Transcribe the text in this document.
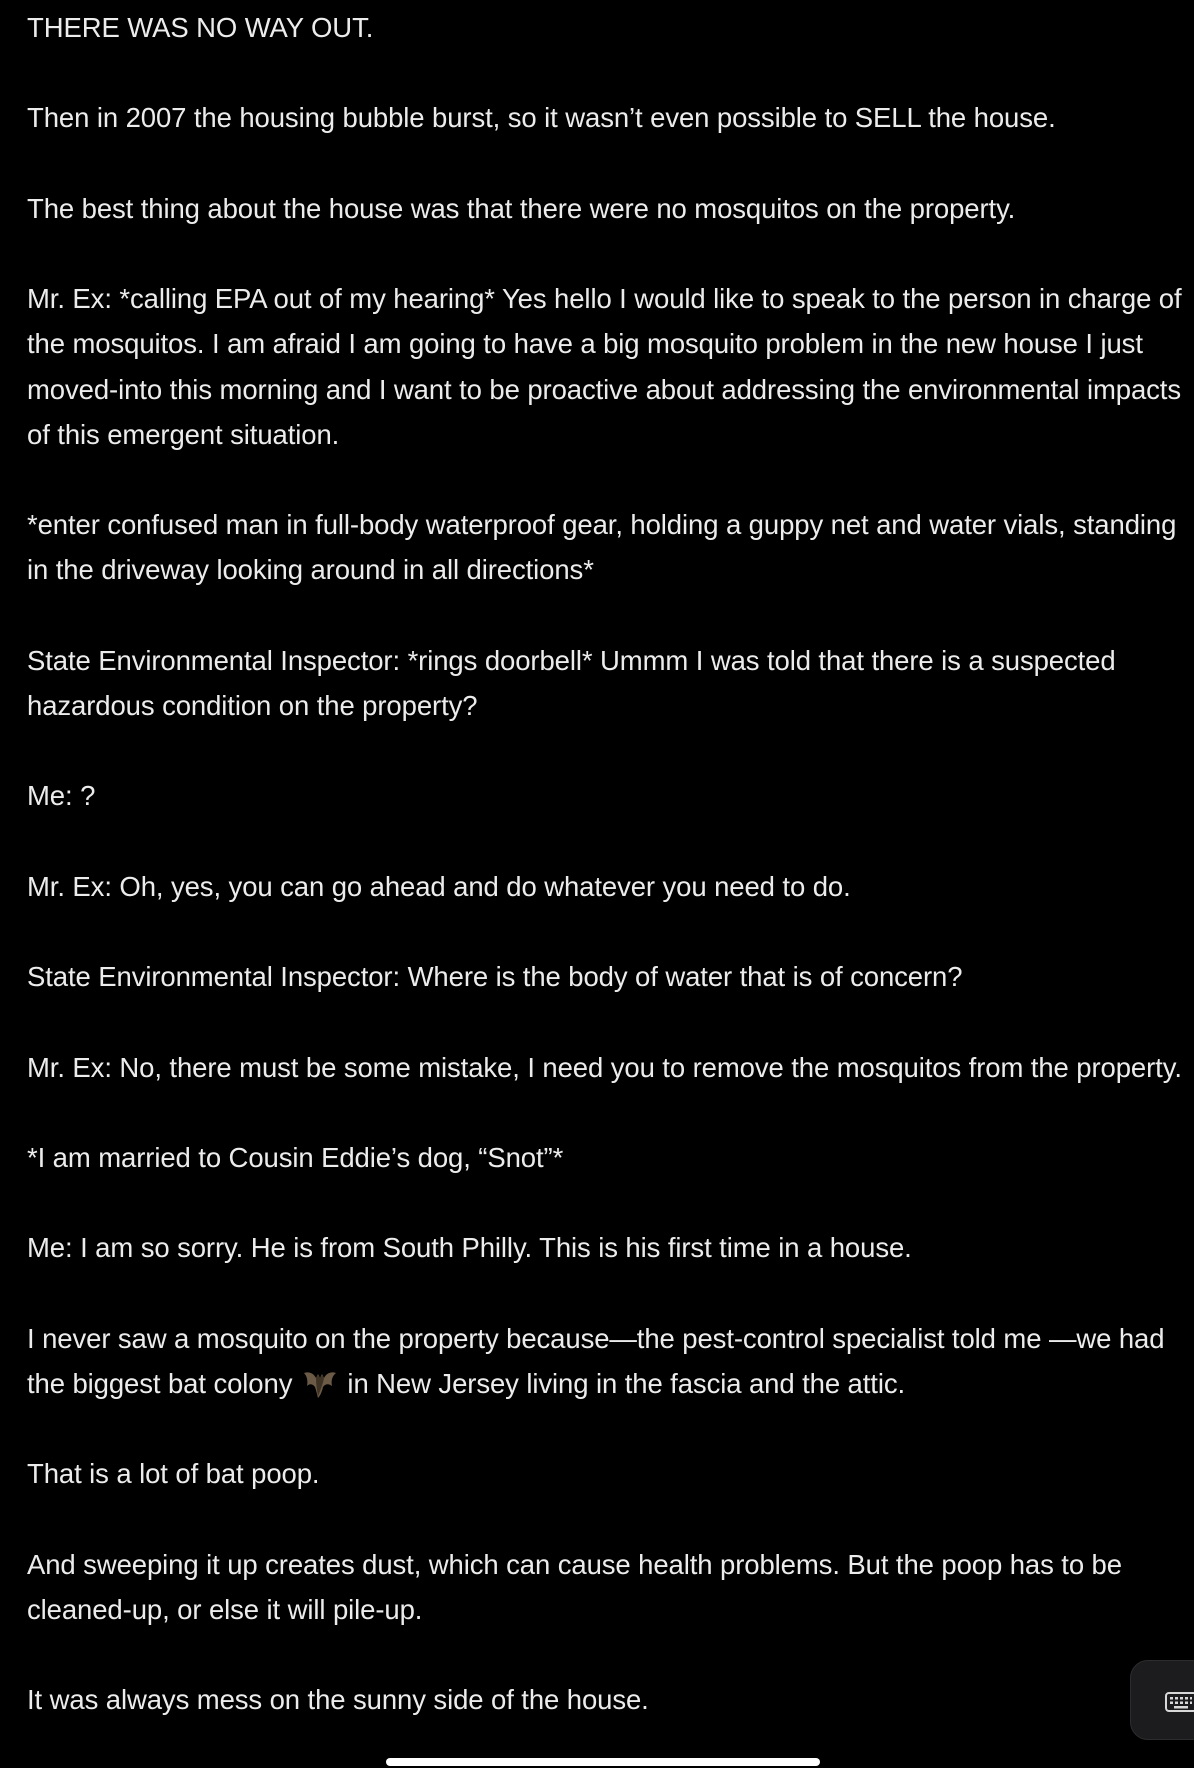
THERE WAS NO WAY OUT.

Then in 2007 the housing bubble burst, so it wasn’t even possible to SELL the house.

The best thing about the house was that there were no mosquitos on the property.

Mr. Ex: *calling EPA out of my hearing* Yes hello I would like to speak to the person in charge of the mosquitos. I am afraid I am going to have a big mosquito problem in the new house I just moved-into this morning and I want to be proactive about addressing the environmental impacts of this emergent situation.

*enter confused man in full-body waterproof gear, holding a guppy net and water vials, standing in the driveway looking around in all directions*

State Environmental Inspector: *rings doorbell* Ummm I was told that there is a suspected hazardous condition on the property?

Me: ?

Mr. Ex: Oh, yes, you can go ahead and do whatever you need to do.

State Environmental Inspector: Where is the body of water that is of concern?

Mr. Ex: No, there must be some mistake, I need you to remove the mosquitos from the property.

*I am married to Cousin Eddie’s dog, “Snot”*

Me: I am so sorry. He is from South Philly. This is his first time in a house.

I never saw a mosquito on the property because—the pest-control specialist told me —we had the biggest bat colony  in New Jersey living in the fascia and the attic.

That is a lot of bat poop.

And sweeping it up creates dust, which can cause health problems. But the poop has to be cleaned-up, or else it will pile-up.

It was always mess on the sunny side of the house.
